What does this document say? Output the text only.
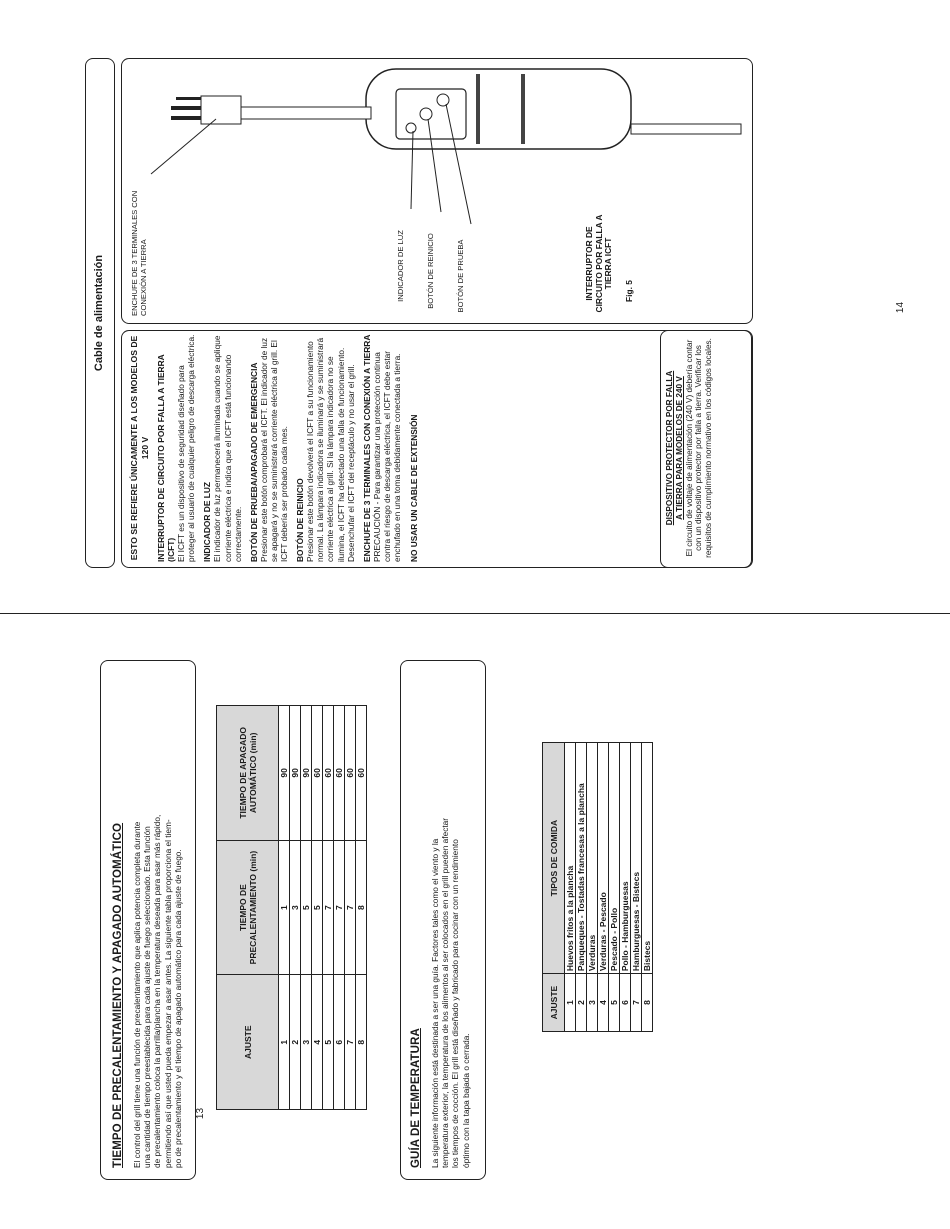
TIEMPO DE PRECALENTAMIENTO Y APAGADO AUTOMÁTICO El control del grill tiene una función de precalentamiento que aplica potencia completa durante una cantidad de tiempo preestablecida para cada ajuste de fuego seleccionado. Esta función de precalentamiento coloca la parrilla/plancha en la temperatura deseada para asar más rápido, permitiendo así que usted pueda empezar a asar antes. La siguiente tabla proporciona el tiem- po de precalentamiento y el tiempo de apagado automático para cada ajuste de fuego.	AJUSTE	TIEMPO DE PRECALENTAMIENTO (min)	TIEMPO DE APAGADO AUTOMÁTICO (min)
1	1	90
2	3	90
3	5	90
4	5	60
5	7	60
6	7	60
7	7	60
8	8	60
GUÍA DE TEMPERATURA La siguiente información está destinada a ser una guía. Factores tales como el viento y la temperatura exterior, la temperatura de los alimentos al ser colocados en el grill pueden afectar los tiempos de cocción. El grill está diseñado y fabricado para cocinar con un rendimiento óptimo con la tapa bajada o cerrada.
AJUSTE	TIPOS DE COMIDA
1	Huevos fritos a la plancha
2	Panqueques - Tostadas francesas a la plancha
3	Verduras
4	Verduras - Pescado
5	Pescado - Pollo
6	Pollo - Hamburguesas
7	Hamburguesas - Bistecs
8	Bistecs
Cable de alimentación
ESTO SE REFIERE ÚNICAMENTE A LOS MODELOS DE 120 V INTERRUPTOR DE CIRCUITO POR FALLA A TIERRA (ICFT) El ICFT es un dispositivo de seguridad diseñado para proteger al usuario de cualquier peligro de descarga eléctrica. INDICADOR DE LUZ El indicador de luz permanecerá iluminada cuando se aplique corriente eléctrica e indica que el ICFT está funcionando correctamente. BOTÓN DE PRUEBA/APAGADO DE EMERGENCIA Presionar este botón comprobará el ICFT. El indicador de luz se apagará y no se suministrará corriente eléctrica al grill. El ICFT debería ser probado cada mes. BOTÓN DE REINICIO Presionar este botón devolverá el ICFT a su funcionamiento normal. La lámpara indicadora se iluminará y se suministrará corriente eléctrica al grill. Si la lámpara indicadora no se ilumina, el ICFT ha detectado una falla de funcionamiento. Desenchufar el ICFT del receptáculo y no usar el grill. ENCHUFE DE 3 TERMINALES CON CONEXIÓN A TIERRA PRECAUCIÓN - Para garantizar una protección continua contra el riesgo de descarga eléctrica, el ICFT debe estar enchufado en una toma debidamente conectada a tierra. NO USAR UN CABLE DE EXTENSIÓN	DISPOSITIVO PROTECTOR POR FALLA A TIERRA PARA MODELOS DE 240 V El circuito de voltaje de alimentación (240 V) debería contar con un dispositivo protector por falla a tierra. Verificar los requisitos de cumplimiento normativo en los códigos locales.
ENCHUFE DE 3 TERMINALES CON CONEXIÓN A TIERRA	INDICADOR DE LUZ	BOTÓN DE REINICIO	BOTÓN DE PRUEBA	INTERRUPTOR DE CIRCUITO POR FALLA A TIERRA ICFT
Fig. 5
13
14
